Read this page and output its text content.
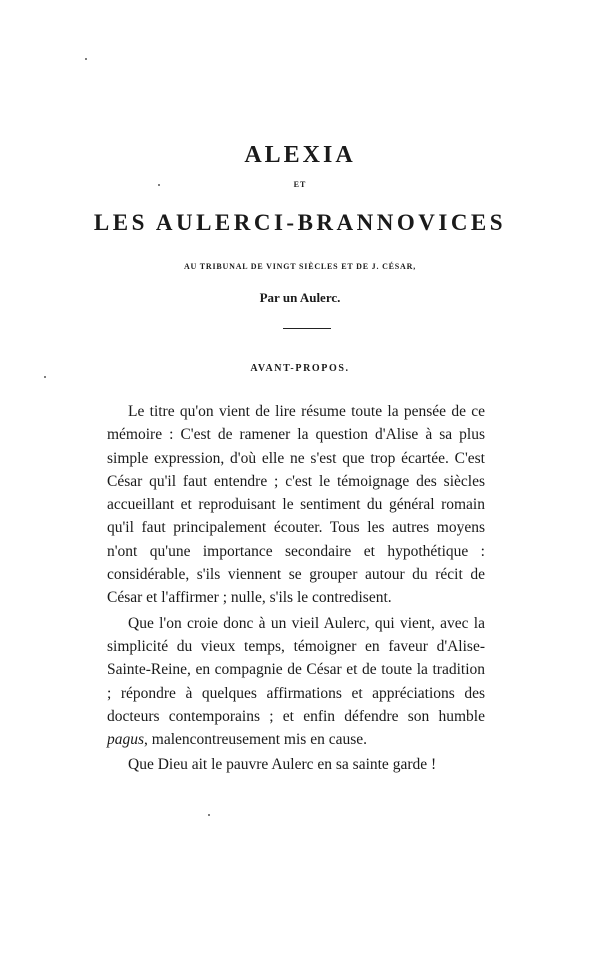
ALEXIA
ET
LES AULERCI-BRANNOVICES
AU TRIBUNAL DE VINGT SIÈCLES ET DE J. CÉSAR,
Par un Aulerc.
AVANT-PROPOS.

Le titre qu'on vient de lire résume toute la pensée de ce mémoire : C'est de ramener la question d'Alise à sa plus simple expression, d'où elle ne s'est que trop écartée. C'est César qu'il faut entendre ; c'est le témoignage des siècles accueillant et reproduisant le sentiment du général romain qu'il faut principalement écouter. Tous les autres moyens n'ont qu'une importance secondaire et hypothétique : considérable, s'ils viennent se grouper autour du récit de César et l'affirmer ; nulle, s'ils le contredisent.

Que l'on croie donc à un vieil Aulerc, qui vient, avec la simplicité du vieux temps, témoigner en faveur d'Alise-Sainte-Reine, en compagnie de César et de toute la tradition ; répondre à quelques affirmations et appréciations des docteurs contemporains ; et enfin défendre son humble pagus, malencontreusement mis en cause.

Que Dieu ait le pauvre Aulerc en sa sainte garde !
